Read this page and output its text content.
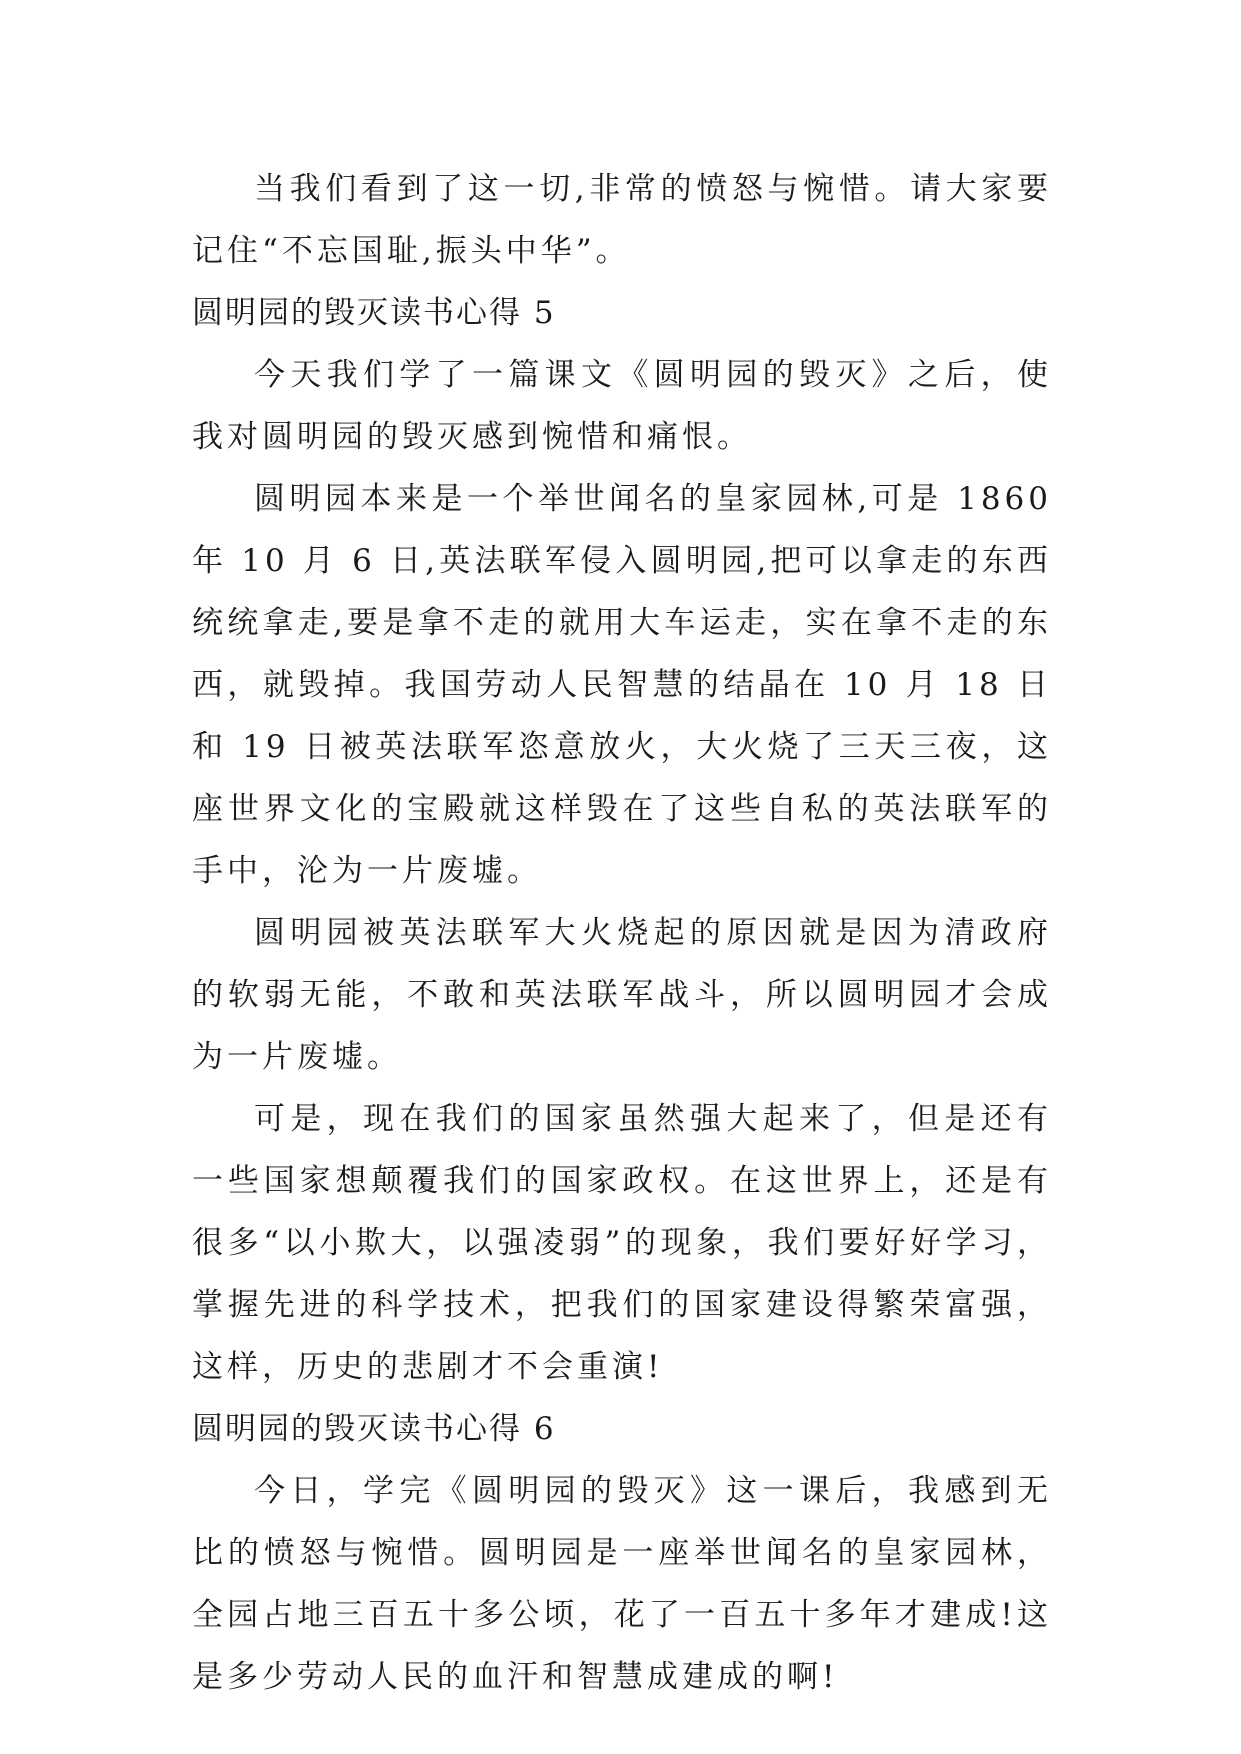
当我们看到了这一切,非常的愤怒与惋惜。请大家要记住“不忘国耻,振头中华”。

圆明园的毁灭读书心得 5

今天我们学了一篇课文《圆明园的毁灭》之后，使我对圆明园的毁灭感到惋惜和痛恨。

圆明园本来是一个举世闻名的皇家园林,可是 1860 年 10 月 6 日,英法联军侵入圆明园,把可以拿走的东西统统拿走,要是拿不走的就用大车运走，实在拿不走的东西，就毁掉。我国劳动人民智慧的结晶在 10 月 18 日和 19 日被英法联军恣意放火，大火烧了三天三夜，这座世界文化的宝殿就这样毁在了这些自私的英法联军的手中，沦为一片废墟。

圆明园被英法联军大火烧起的原因就是因为清政府的软弱无能，不敢和英法联军战斗，所以圆明园才会成为一片废墟。

可是，现在我们的国家虽然强大起来了，但是还有一些国家想颠覆我们的国家政权。在这世界上，还是有很多“以小欺大，以强凌弱”的现象，我们要好好学习，掌握先进的科学技术，把我们的国家建设得繁荣富强，这样，历史的悲剧才不会重演!

圆明园的毁灭读书心得 6

今日，学完《圆明园的毁灭》这一课后，我感到无比的愤怒与惋惜。圆明园是一座举世闻名的皇家园林，全园占地三百五十多公顷，花了一百五十多年才建成!这是多少劳动人民的血汗和智慧成建成的啊!
